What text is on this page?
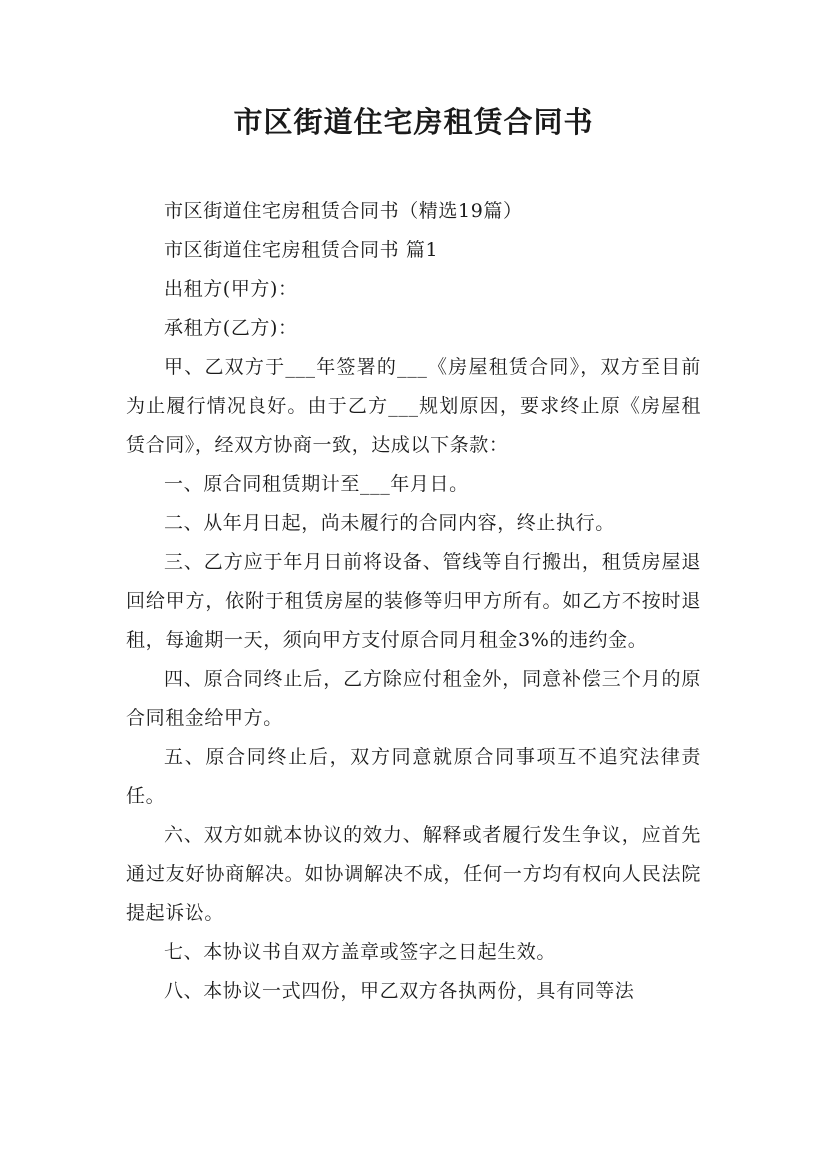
市区街道住宅房租赁合同书

市区街道住宅房租赁合同书（精选19篇）

市区街道住宅房租赁合同书 篇1

出租方(甲方)：

承租方(乙方)：

甲、乙双方于___年签署的___《房屋租赁合同》，双方至目前为止履行情况良好。由于乙方___规划原因，要求终止原《房屋租赁合同》，经双方协商一致，达成以下条款：

一、原合同租赁期计至___年月日。

二、从年月日起，尚未履行的合同内容，终止执行。

三、乙方应于年月日前将设备、管线等自行搬出，租赁房屋退回给甲方，依附于租赁房屋的装修等归甲方所有。如乙方不按时退租，每逾期一天，须向甲方支付原合同月租金3%的违约金。

四、原合同终止后，乙方除应付租金外，同意补偿三个月的原合同租金给甲方。

五、原合同终止后，双方同意就原合同事项互不追究法律责任。

六、双方如就本协议的效力、解释或者履行发生争议，应首先通过友好协商解决。如协调解决不成，任何一方均有权向人民法院提起诉讼。

七、本协议书自双方盖章或签字之日起生效。

八、本协议一式四份，甲乙双方各执两份，具有同等法
